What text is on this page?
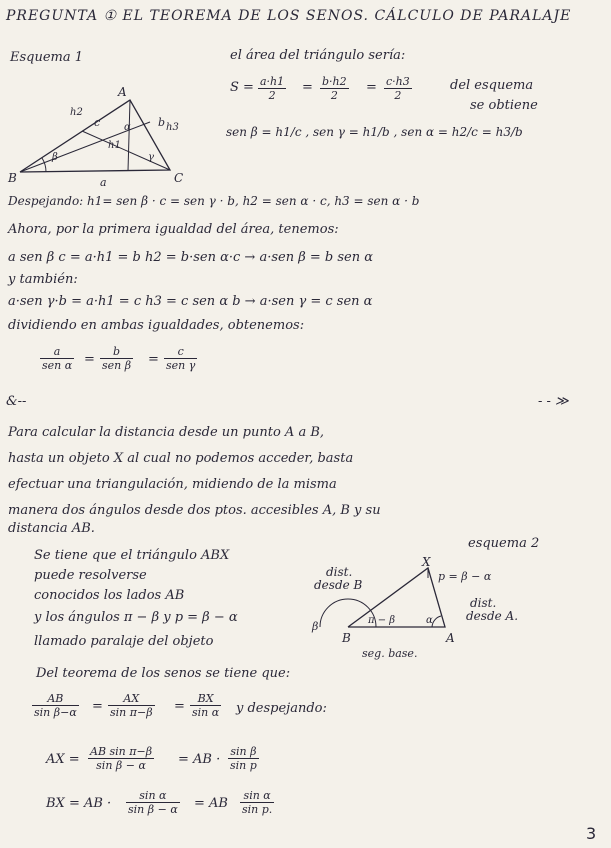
PREGUNTA ① EL TEOREMA DE LOS SENOS. CÁLCULO DE PARALAJE
Esquema 1
A
B	C
a
b
c
h1
h2
h3
α
β	γ
el área del triángulo sería:
S = a·h1
2
= b·h2
2
= c·h3
2
del esquema
se obtiene
sen β = h1/c , sen γ = h1/b , sen α = h2/c = h3/b
Despejando: h1= sen β · c = sen γ · b, h2 = sen α · c, h3 = sen α · b
Ahora, por la primera igualdad del área, tenemos:
a sen β c = a·h1 = b h2 = b·sen α·c → a·sen β = b sen α
y también:
a·sen γ·b = a·h1 = c h3 = c sen α b → a·sen γ = c sen α
dividiendo en ambas igualdades, obtenemos:
a
sen α =
b
sen β =
c
sen γ
&--	- - ≫
Para calcular la distancia desde un punto A a B,
hasta un objeto X al cual no podemos acceder, basta
efectuar una triangulación, midiendo de la misma
manera dos ángulos desde dos ptos. accesibles A, B y su
distancia AB.
esquema 2
X
B	A
β	π − β	α
p = β − α
seg. base.
dist.
desde B
dist.
desde A.
Se tiene que el triángulo ABX
puede resolverse
conocidos los lados AB
y los ángulos π − β y p = β − α
llamado paralaje del objeto
Del teorema de los senos se tiene que:
AB
sin β−α =
AX
sin π−β =
BX
sin α y despejando:
AX =
AB sin π−β
sin β − α = AB ·
sin β
sin p
BX = AB ·
sin α
sin β − α = AB
sin α
sin p.
3
